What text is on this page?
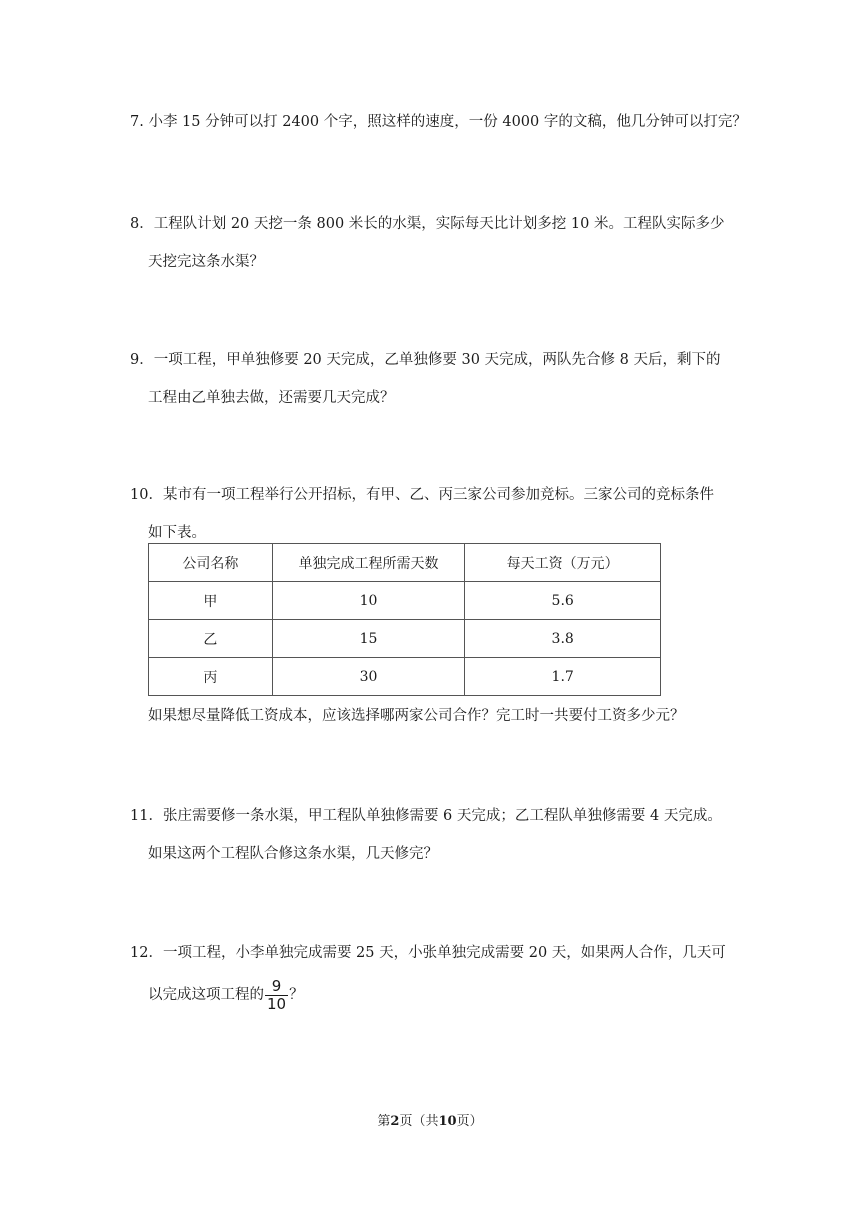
7. 小李 15 分钟可以打 2400 个字，照这样的速度，一份 4000 字的文稿，他几分钟可以打完？

8．工程队计划 20 天挖一条 800 米长的水渠，实际每天比计划多挖 10 米。工程队实际多少
天挖完这条水渠？

9．一项工程，甲单独修要 20 天完成，乙单独修要 30 天完成，两队先合修 8 天后，剩下的
工程由乙单独去做，还需要几天完成？

10．某市有一项工程举行公开招标，有甲、乙、丙三家公司参加竞标。三家公司的竞标条件
如下表。

公司名称	单独完成工程所需天数	每天工资（万元）
甲	10	5.6
乙	15	3.8
丙	30	1.7

如果想尽量降低工资成本，应该选择哪两家公司合作？完工时一共要付工资多少元？

11．张庄需要修一条水渠，甲工程队单独修需要 6 天完成；乙工程队单独修需要 4 天完成。
如果这两个工程队合修这条水渠，几天修完？

12．一项工程，小李单独完成需要 25 天，小张单独完成需要 20 天，如果两人合作，几天可
以完成这项工程的 $\frac{9}{10}$ ？

第2页（共10页）
